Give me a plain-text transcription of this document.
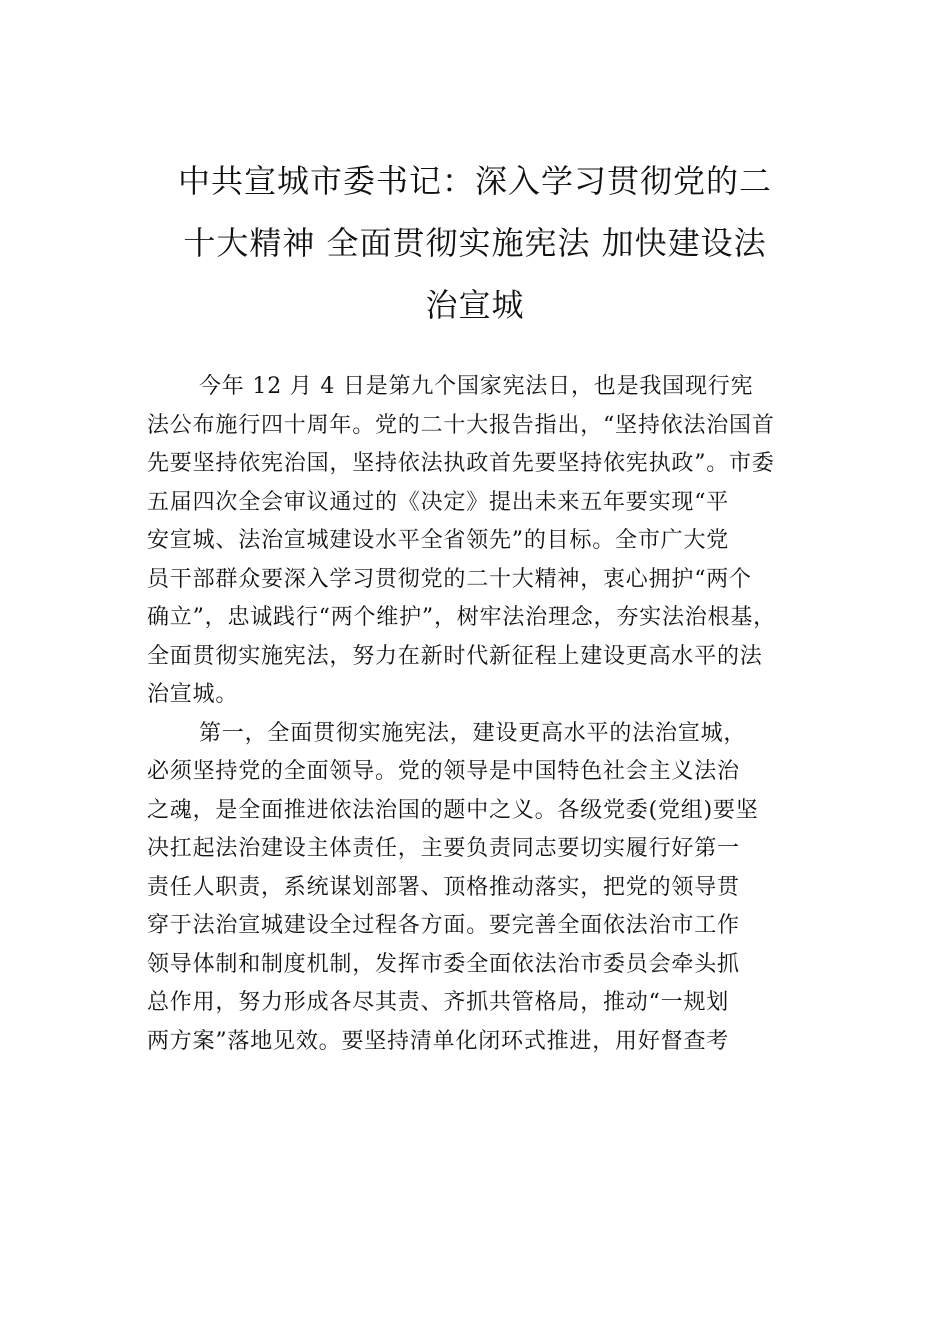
中共宣城市委书记：深入学习贯彻党的二
十大精神 全面贯彻实施宪法 加快建设法
治宣城
今年 12 月 4 日是第九个国家宪法日，也是我国现行宪
法公布施行四十周年。党的二十大报告指出，“坚持依法治国首
先要坚持依宪治国，坚持依法执政首先要坚持依宪执政”。市委
五届四次全会审议通过的《决定》提出未来五年要实现“平
安宣城、法治宣城建设水平全省领先”的目标。全市广大党
员干部群众要深入学习贯彻党的二十大精神，衷心拥护“两个
确立”，忠诚践行“两个维护”，树牢法治理念，夯实法治根基，
全面贯彻实施宪法，努力在新时代新征程上建设更高水平的法
治宣城。
第一，全面贯彻实施宪法，建设更高水平的法治宣城，
必须坚持党的全面领导。党的领导是中国特色社会主义法治
之魂，是全面推进依法治国的题中之义。各级党委(党组)要坚
决扛起法治建设主体责任，主要负责同志要切实履行好第一
责任人职责，系统谋划部署、顶格推动落实，把党的领导贯
穿于法治宣城建设全过程各方面。要完善全面依法治市工作
领导体制和制度机制，发挥市委全面依法治市委员会牵头抓
总作用，努力形成各尽其责、齐抓共管格局，推动“一规划
两方案”落地见效。要坚持清单化闭环式推进，用好督查考
